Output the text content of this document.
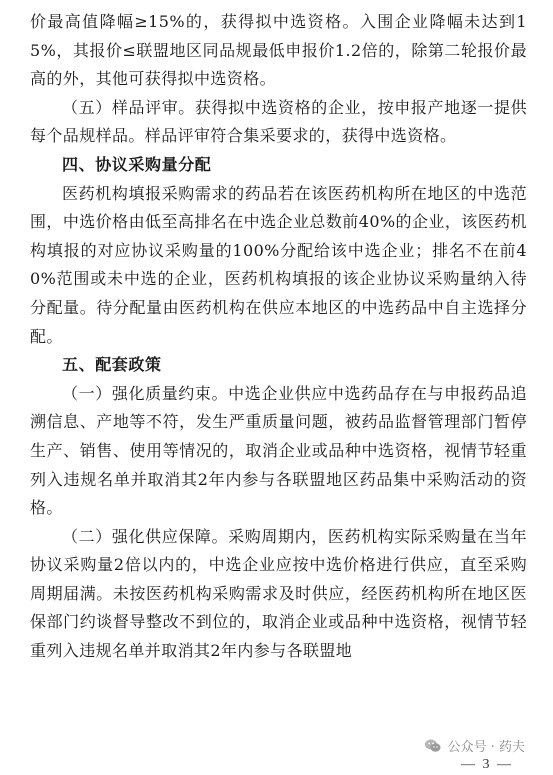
价最高值降幅≥15%的，获得拟中选资格。入围企业降幅未达到15%，其报价≤联盟地区同品规最低申报价1.2倍的，除第二轮报价最高的外，其他可获得拟中选资格。

（五）样品评审。获得拟中选资格的企业，按申报产地逐一提供每个品规样品。样品评审符合集采要求的，获得中选资格。

四、协议采购量分配

医药机构填报采购需求的药品若在该医药机构所在地区的中选范围，中选价格由低至高排名在中选企业总数前40%的企业，该医药机构填报的对应协议采购量的100%分配给该中选企业；排名不在前40%范围或未中选的企业，医药机构填报的该企业协议采购量纳入待分配量。待分配量由医药机构在供应本地区的中选药品中自主选择分配。

五、配套政策

（一）强化质量约束。中选企业供应中选药品存在与申报药品追溯信息、产地等不符，发生严重质量问题，被药品监督管理部门暂停生产、销售、使用等情况的，取消企业或品种中选资格，视情节轻重列入违规名单并取消其2年内参与各联盟地区药品集中采购活动的资格。

（二）强化供应保障。采购周期内，医药机构实际采购量在当年协议采购量2倍以内的，中选企业应按中选价格进行供应，直至采购周期届满。未按医药机构采购需求及时供应，经医药机构所在地区医保部门约谈督导整改不到位的，取消企业或品种中选资格，视情节轻重列入违规名单并取消其2年内参与各联盟地

公众号 · 药夫
— 3 —
